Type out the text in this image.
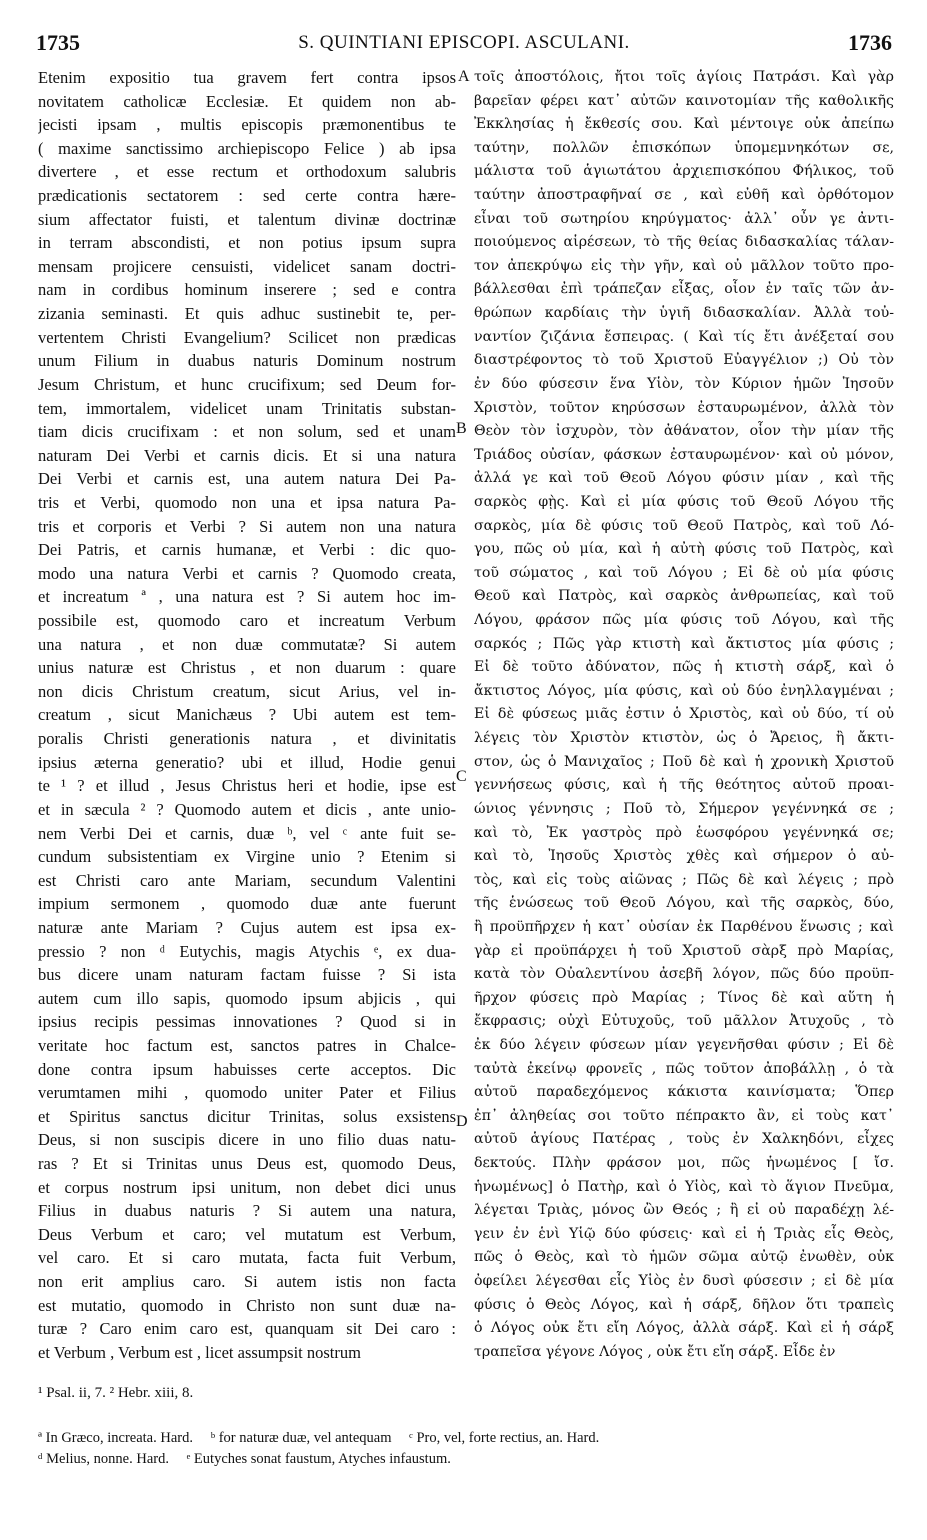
1735	S. QUINTIANI EPISCOPI. ASCULANI.	1736
Etenim expositio tua gravem fert contra ipsos
novitatem catholicæ Ecclesiæ. Et quidem non ab-
jecisti ipsam , multis episcopis præmonentibus te
( maxime sanctissimo archiepiscopo Felice ) ab ipsa
divertere , et esse rectum et orthodoxum salubris
prædicationis sectatorem : sed certe contra hære-
sium affectator fuisti, et talentum divinæ doctrinæ
in terram abscondisti, et non potius ipsum supra
mensam projicere censuisti, videlicet sanam doctri-
nam in cordibus hominum inserere ; sed e contra
zizania seminasti. Et quis adhuc sustinebit te, per-
vertentem Christi Evangelium? Scilicet non prædicas
unum Filium in duabus naturis Dominum nostrum
Jesum Christum, et hunc crucifixum; sed Deum for-
tem, immortalem, videlicet unam Trinitatis substan-
tiam dicis crucifixam : et non solum, sed et unam
naturam Dei Verbi et carnis dicis. Et si una natura
Dei Verbi et carnis est, una autem natura Dei Pa-
tris et Verbi, quomodo non una et ipsa natura Pa-
tris et corporis et Verbi ? Si autem non una natura
Dei Patris, et carnis humanæ, et Verbi : dic quo-
modo una natura Verbi et carnis ? Quomodo creata,
et increatum ª , una natura est ? Si autem hoc im-
possibile est, quomodo caro et increatum Verbum
una natura , et non duæ commutatæ? Si autem
unius naturæ est Christus , et non duarum : quare
non dicis Christum creatum, sicut Arius, vel in-
creatum , sicut Manichæus ? Ubi autem est tem-
poralis Christi generationis natura , et divinitatis
ipsius æterna generatio? ubi et illud, Hodie genui
te ¹ ? et illud , Jesus Christus heri et hodie, ipse est
et in sæcula ² ? Quomodo autem et dicis , ante unio-
nem Verbi Dei et carnis, duæ ᵇ, vel ᶜ ante fuit se-
cundum subsistentiam ex Virgine unio ? Etenim si
est Christi caro ante Mariam, secundum Valentini
impium sermonem , quomodo duæ ante fuerunt
naturæ ante Mariam ? Cujus autem est ipsa ex-
pressio ? non ᵈ Eutychis, magis Atychis ᵉ, ex dua-
bus dicere unam naturam factam fuisse ? Si ista
autem cum illo sapis, quomodo ipsum abjicis , qui
ipsius recipis pessimas innovationes ? Quod si in
veritate hoc factum est, sanctos patres in Chalce-
done contra ipsum habuisses certe acceptos. Dic
verumtamen mihi , quomodo uniter Pater et Filius
et Spiritus sanctus dicitur Trinitas, solus exsistens
Deus, si non suscipis dicere in uno filio duas natu-
ras ? Et si Trinitas unus Deus est, quomodo Deus,
et corpus nostrum ipsi unitum, non debet dici unus
Filius in duabus naturis ? Si autem una natura,
Deus Verbum et caro; vel mutatum est Verbum,
vel caro. Et si caro mutata, facta fuit Verbum,
non erit amplius caro. Si autem istis non facta
est mutatio, quomodo in Christo non sunt duæ na-
turæ ? Caro enim caro est, quanquam sit Dei caro :
et Verbum , Verbum est , licet assumpsit nostrum
τοῖς ἀποστόλοις, ἤτοι τοῖς ἁγίοις Πατράσι. Καὶ γὰρ
βαρεῖαν φέρει κατ᾽ αὐτῶν καινοτομίαν τῆς καθολικῆς
Ἐκκλησίας ἡ ἔκθεσίς σου. Καὶ μέντοιγε οὐκ ἀπείπω
ταύτην, πολλῶν ἐπισκόπων ὑπομεμνηκότων σε,
μάλιστα τοῦ ἁγιωτάτου ἀρχιεπισκόπου Φήλικος, τοῦ
ταύτην ἀποστραφῆναί σε , καὶ εὐθῆ καὶ ὀρθότομον
εἶναι τοῦ σωτηρίου κηρύγματος· ἀλλ᾽ οὖν γε ἀντι-
ποιούμενος αἱρέσεων, τὸ τῆς θείας διδασκαλίας τάλαν-
τον ἀπεκρύψω εἰς τὴν γῆν, καὶ οὐ μᾶλλον τοῦτο προ-
βάλλεσθαι ἐπὶ τράπεζαν εἶξας, οἷον ἐν ταῖς τῶν ἀν-
θρώπων καρδίαις τὴν ὑγιῆ διδασκαλίαν. Ἀλλὰ τοὐ-
ναντίον ζιζάνια ἔσπειρας. ( Καὶ τίς ἔτι ἀνέξεταί σου
διαστρέφοντος τὸ τοῦ Χριστοῦ Εὐαγγέλιον ;) Οὐ τὸν
ἐν δύο φύσεσιν ἕνα Υἱὸν, τὸν Κύριον ἡμῶν Ἰησοῦν
Χριστὸν, τοῦτον κηρύσσων ἐσταυρωμένον, ἀλλὰ τὸν
Θεὸν τὸν ἰσχυρὸν, τὸν ἀθάνατον, οἷον τὴν μίαν τῆς
Τριάδος οὐσίαν, φάσκων ἐσταυρωμένον· καὶ οὐ μόνον,
ἀλλά γε καὶ τοῦ Θεοῦ Λόγου φύσιν μίαν , καὶ τῆς
σαρκὸς φῂς. Καὶ εἰ μία φύσις τοῦ Θεοῦ Λόγου τῆς
σαρκὸς, μία δὲ φύσις τοῦ Θεοῦ Πατρὸς, καὶ τοῦ Λό-
γου, πῶς οὐ μία, καὶ ἡ αὐτὴ φύσις τοῦ Πατρὸς, καὶ
τοῦ σώματος , καὶ τοῦ Λόγου ; Εἰ δὲ οὐ μία φύσις
Θεοῦ καὶ Πατρὸς, καὶ σαρκὸς ἀνθρωπείας, καὶ τοῦ
Λόγου, φράσον πῶς μία φύσις τοῦ Λόγου, καὶ τῆς
σαρκός ; Πῶς γὰρ κτιστὴ καὶ ἄκτιστος μία φύσις ;
Εἰ δὲ τοῦτο ἀδύνατον, πῶς ἡ κτιστὴ σάρξ, καὶ ὁ
ἄκτιστος Λόγος, μία φύσις, καὶ οὐ δύο ἐνηλλαγμέναι ;
Εἰ δὲ φύσεως μιᾶς ἐστιν ὁ Χριστὸς, καὶ οὐ δύο, τί οὐ
λέγεις τὸν Χριστὸν κτιστὸν, ὡς ὁ Ἄρειος, ἢ ἄκτι-
στον, ὡς ὁ Μανιχαῖος ; Ποῦ δὲ καὶ ἡ χρονικὴ Χριστοῦ
γεννήσεως φύσις, καὶ ἡ τῆς θεότητος αὐτοῦ προαι-
ώνιος γέννησις ; Ποῦ τὸ, Σήμερον γεγέννηκά σε ;
καὶ τὸ, Ἐκ γαστρὸς πρὸ ἑωσφόρου γεγέννηκά σε;
καὶ τὸ, Ἰησοῦς Χριστὸς χθὲς καὶ σήμερον ὁ αὐ-
τὸς, καὶ εἰς τοὺς αἰῶνας ; Πῶς δὲ καὶ λέγεις ; πρὸ
τῆς ἑνώσεως τοῦ Θεοῦ Λόγου, καὶ τῆς σαρκὸς, δύο,
ἢ προϋπῆρχεν ἡ κατ᾽ οὐσίαν ἐκ Παρθένου ἕνωσις ; καὶ
γὰρ εἰ προϋπάρχει ἡ τοῦ Χριστοῦ σὰρξ πρὸ Μαρίας,
κατὰ τὸν Οὐαλεντίνου ἀσεβῆ λόγον, πῶς δύο προϋπ-
ῆρχον φύσεις πρὸ Μαρίας ; Τίνος δὲ καὶ αὕτη ἡ
ἔκφρασις; οὐχὶ Εὐτυχοῦς, τοῦ μᾶλλον Ἀτυχοῦς , τὸ
ἐκ δύο λέγειν φύσεων μίαν γεγενῆσθαι φύσιν ; Εἰ δὲ
ταὐτὰ ἐκείνῳ φρονεῖς , πῶς τοῦτον ἀποβάλλῃ , ὁ τὰ
αὐτοῦ παραδεχόμενος κάκιστα καινίσματα; Ὅπερ
ἐπ᾽ ἀληθείας σοι τοῦτο πέπρακτο ἂν, εἰ τοὺς κατ᾽
αὐτοῦ ἁγίους Πατέρας , τοὺς ἐν Χαλκηδόνι, εἶχες
δεκτούς. Πλὴν φράσον μοι, πῶς ἡνωμένος [ ἴσ.
ἡνωμένως] ὁ Πατὴρ, καὶ ὁ Υἱὸς, καὶ τὸ ἅγιον Πνεῦμα,
λέγεται Τριὰς, μόνος ὢν Θεός ; ἢ εἰ οὐ παραδέχῃ λέ-
γειν ἐν ἑνὶ Υἱῷ δύο φύσεις· καὶ εἰ ἡ Τριὰς εἷς Θεὸς,
πῶς ὁ Θεὸς, καὶ τὸ ἡμῶν σῶμα αὐτῷ ἐνωθὲν, οὐκ
ὀφείλει λέγεσθαι εἷς Υἱὸς ἐν δυσὶ φύσεσιν ; εἰ δὲ μία
φύσις ὁ Θεὸς Λόγος, καὶ ἡ σάρξ, δῆλον ὅτι τραπεὶς
ὁ Λόγος οὐκ ἔτι εἴη Λόγος, ἀλλὰ σάρξ. Καὶ εἰ ἡ σάρξ
τραπεῖσα γέγονε Λόγος , οὐκ ἔτι εἴη σάρξ. Εἶδε ἐν
A
B
C
D
¹ Psal. ii, 7. ² Hebr. xiii, 8.
ª In Græco, increata. Hard. ᵇ for naturæ duæ, vel antequam ᶜ Pro, vel, forte rectius, an. Hard.
ᵈ Melius, nonne. Hard. ᵉ Eutyches sonat faustum, Atyches infaustum.
